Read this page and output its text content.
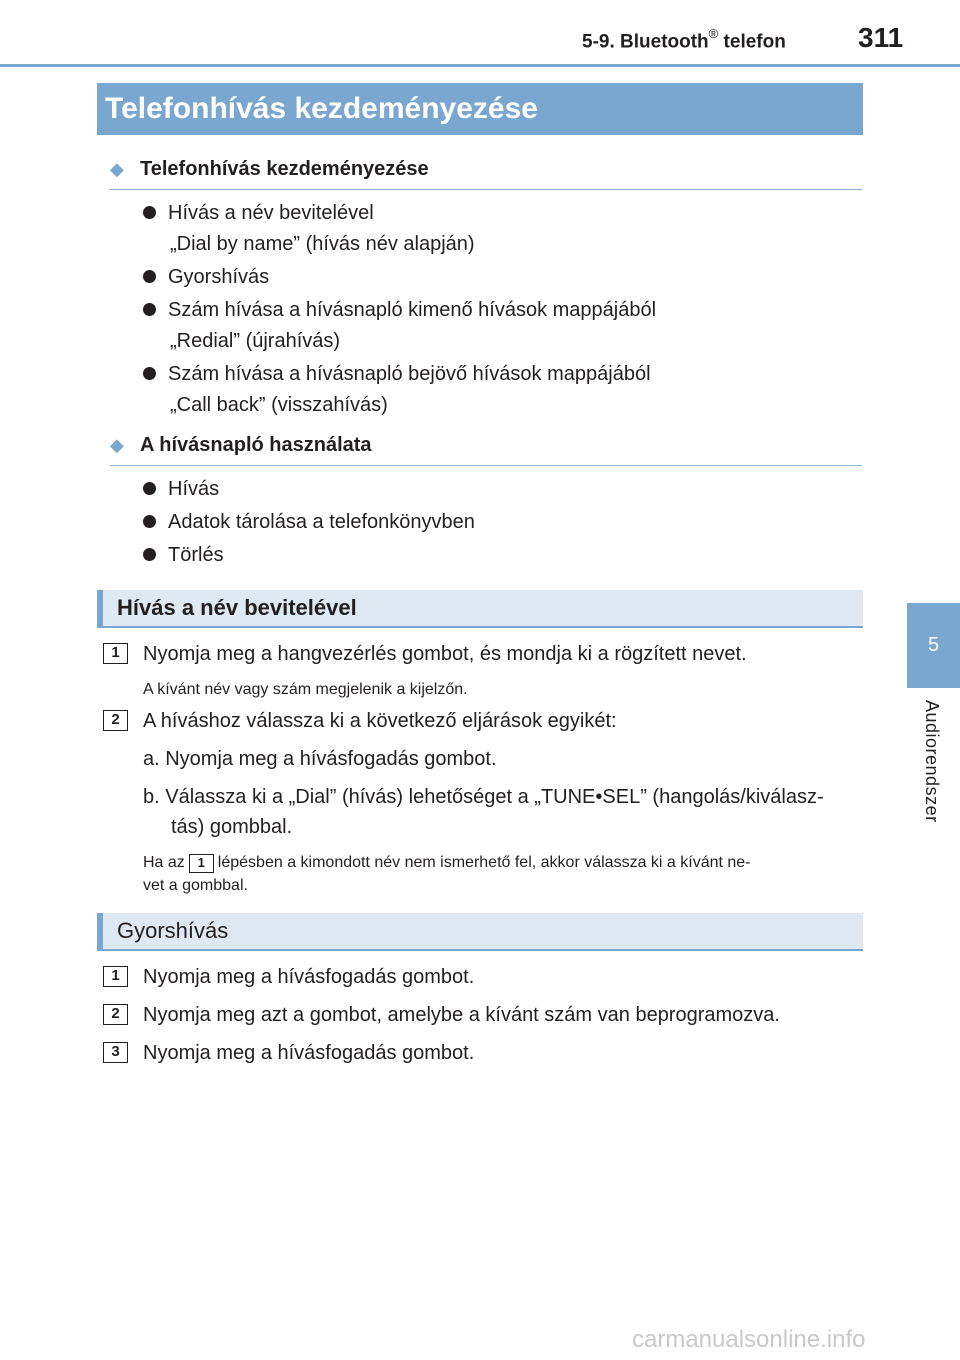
5-9. Bluetooth® telefon	311
5
Audiorendszer
Telefonhívás kezdeményezése
◆ Telefonhívás kezdeményezése
Hívás a név bevitelével
„Dial by name” (hívás név alapján)
Gyorshívás
Szám hívása a hívásnapló kimenő hívások mappájából
„Redial” (újrahívás)
Szám hívása a hívásnapló bejövő hívások mappájából
„Call back” (visszahívás)
◆ A hívásnapló használata
Hívás
Adatok tárolása a telefonkönyvben
Törlés
Hívás a név bevitelével
1	Nyomja meg a hangvezérlés gombot, és mondja ki a rögzített nevet.
A kívánt név vagy szám megjelenik a kijelzőn.
2	A híváshoz válassza ki a következő eljárások egyikét:
a. Nyomja meg a hívásfogadás gombot.
b. Válassza ki a „Dial” (hívás) lehetőséget a „TUNE•SEL” (hangolás/kiválasz-
tás) gombbal.
Ha az 1 lépésben a kimondott név nem ismerhető fel, akkor válassza ki a kívánt ne-
vet a gombbal.
Gyorshívás
1	Nyomja meg a hívásfogadás gombot.
2	Nyomja meg azt a gombot, amelybe a kívánt szám van beprogramozva.
3	Nyomja meg a hívásfogadás gombot.
carmanualsonline.info
